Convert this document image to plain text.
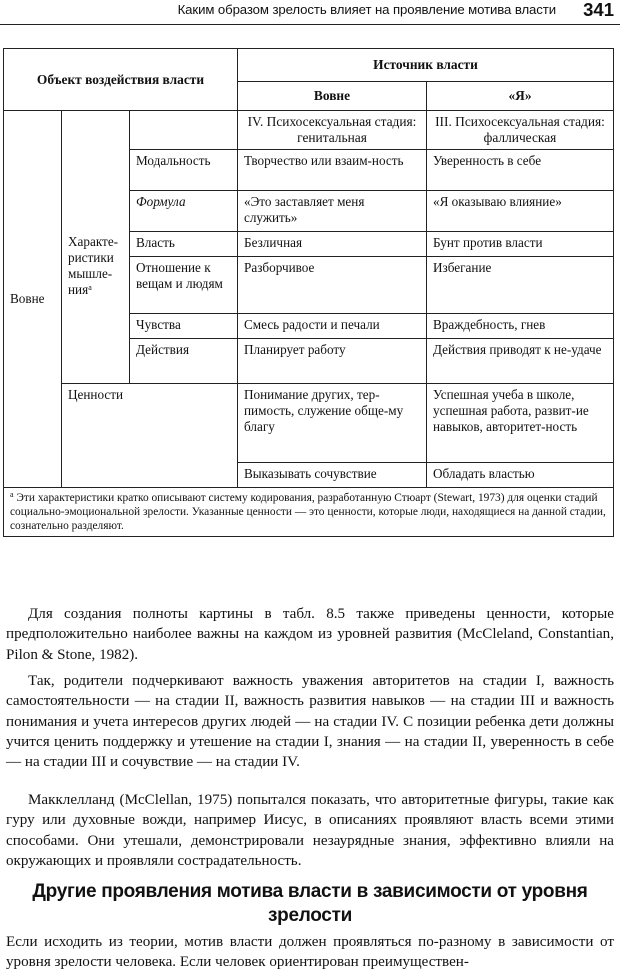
Каким образом зрелость влияет на проявление мотива власти 341
Объект воздействия власти			Источник власти	
			Вовне	«Я»
Вовне	Характе-ристики мышле-ния$^а$		IV. Психосексуальная стадия: генитальная	III. Психосексуальная стадия: фаллическая
		Модальность	Творчество или взаим-ность	Уверенность в себе
		Формула	«Это заставляет меня служить»	«Я оказываю влияние»
		Власть	Безличная	Бунт против власти
		Отношение к вещам и людям	Разборчивое	Избегание
		Чувства	Смесь радости и печали	Враждебность, гнев
		Действия	Планирует работу	Действия приводят к не-удаче
	Ценности		Понимание других, тер-пимость, служение обще-му благу	Успешная учеба в школе, успешная работа, развит-ие навыков, авторитет-ность
			Выказывать сочувствие	Обладать властью
$^а$ Эти характеристики кратко описывают систему кодирования, разработанную Стюарт (Stewart, 1973) для оценки стадий социально-эмоциональной зрелости. Указанные ценности — это ценности, которые люди, находящиеся на данной стадии, сознательно разделяют.				

Для создания полноты картины в табл. 8.5 также приведены ценности, которые предположительно наиболее важны на каждом из уровней развития (McCleland, Constantian, Pilon & Stone, 1982).

Так, родители подчеркивают важность уважения авторитетов на стадии I, важность самостоятельности — на стадии II, важность развития навыков — на стадии III и важность понимания и учета интересов других людей — на стадии IV. С позиции ребенка дети должны учится ценить поддержку и утешение на стадии I, знания — на стадии II, уверенность в себе — на стадии III и сочувствие — на стадии IV.

Макклелланд (McClellan, 1975) попытался показать, что авторитетные фигуры, такие как гуру или духовные вожди, например Иисус, в описаниях проявляют власть всеми этими способами. Они утешали, демонстрировали незаурядные знания, эффективно влияли на окружающих и проявляли сострадательность.

Другие проявления мотива власти в зависимости от уровня зрелости

Если исходить из теории, мотив власти должен проявляться по-разному в зависимости от уровня зрелости человека. Если человек ориентирован преимуществен-
